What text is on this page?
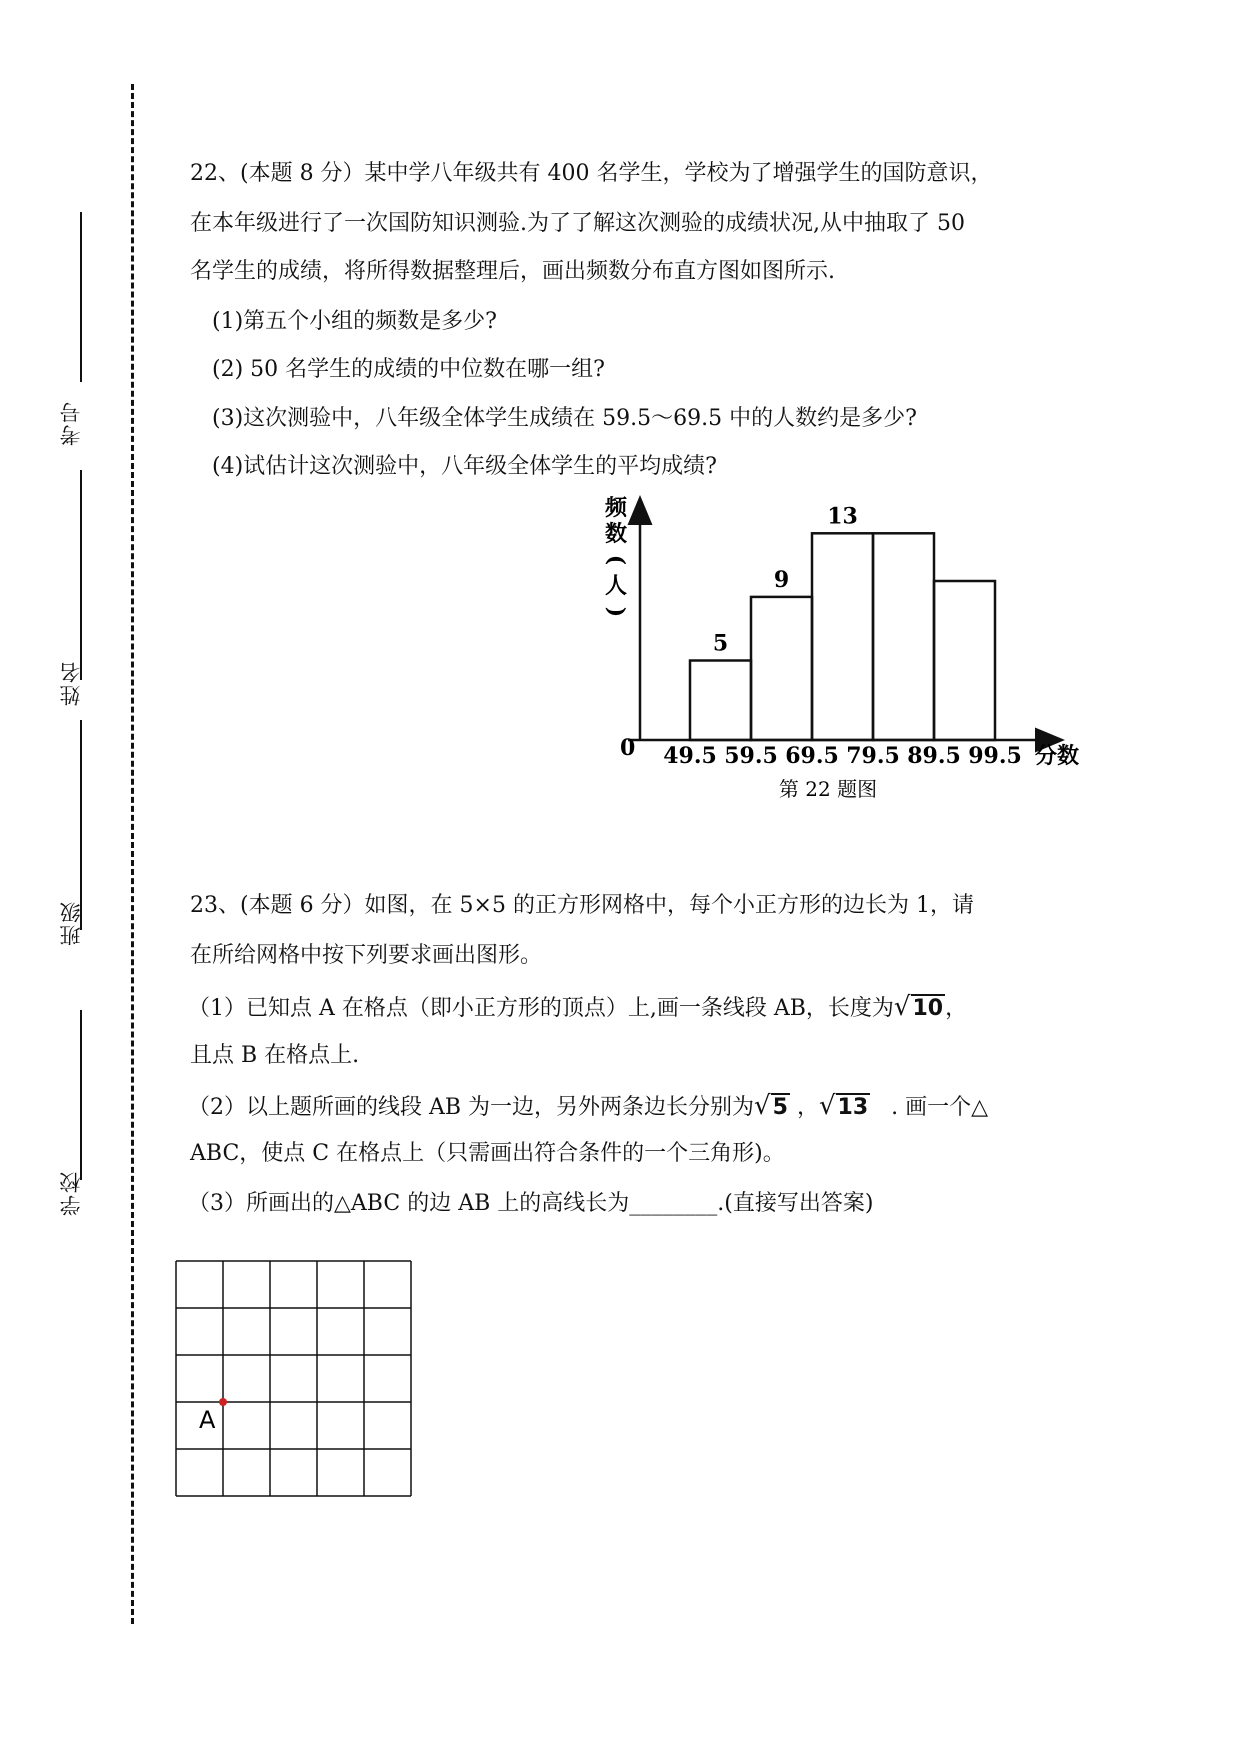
考号
姓名
班级
学校
22、(本题 8 分）某中学八年级共有 400 名学生，学校为了增强学生的国防意识，
在本年级进行了一次国防知识测验.为了了解这次测验的成绩状况,从中抽取了 50
名学生的成绩，将所得数据整理后，画出频数分布直方图如图所示.
(1)第五个小组的频数是多少?
(2) 50 名学生的成绩的中位数在哪一组?
(3)这次测验中，八年级全体学生成绩在 59.5～69.5 中的人数约是多少?
(4)试估计这次测验中，八年级全体学生的平均成绩?
频
数
(
人
)
5
9
13
49.5 59.5 69.5 79.5 89.5 99.5
0	分数
第 22 题图
23、(本题 6 分）如图，在 5×5 的正方形网格中，每个小正方形的边长为 1，请
在所给网格中按下列要求画出图形。
（1）已知点 A 在格点（即小正方形的顶点）上,画一条线段 AB，长度为√10，
且点 B 在格点上.
（2）以上题所画的线段 AB 为一边，另外两条边长分别为√5 ，√13 . 画一个△
ABC，使点 C 在格点上（只需画出符合条件的一个三角形)。
（3）所画出的△ABC 的边 AB 上的高线长为________.(直接写出答案)
A
